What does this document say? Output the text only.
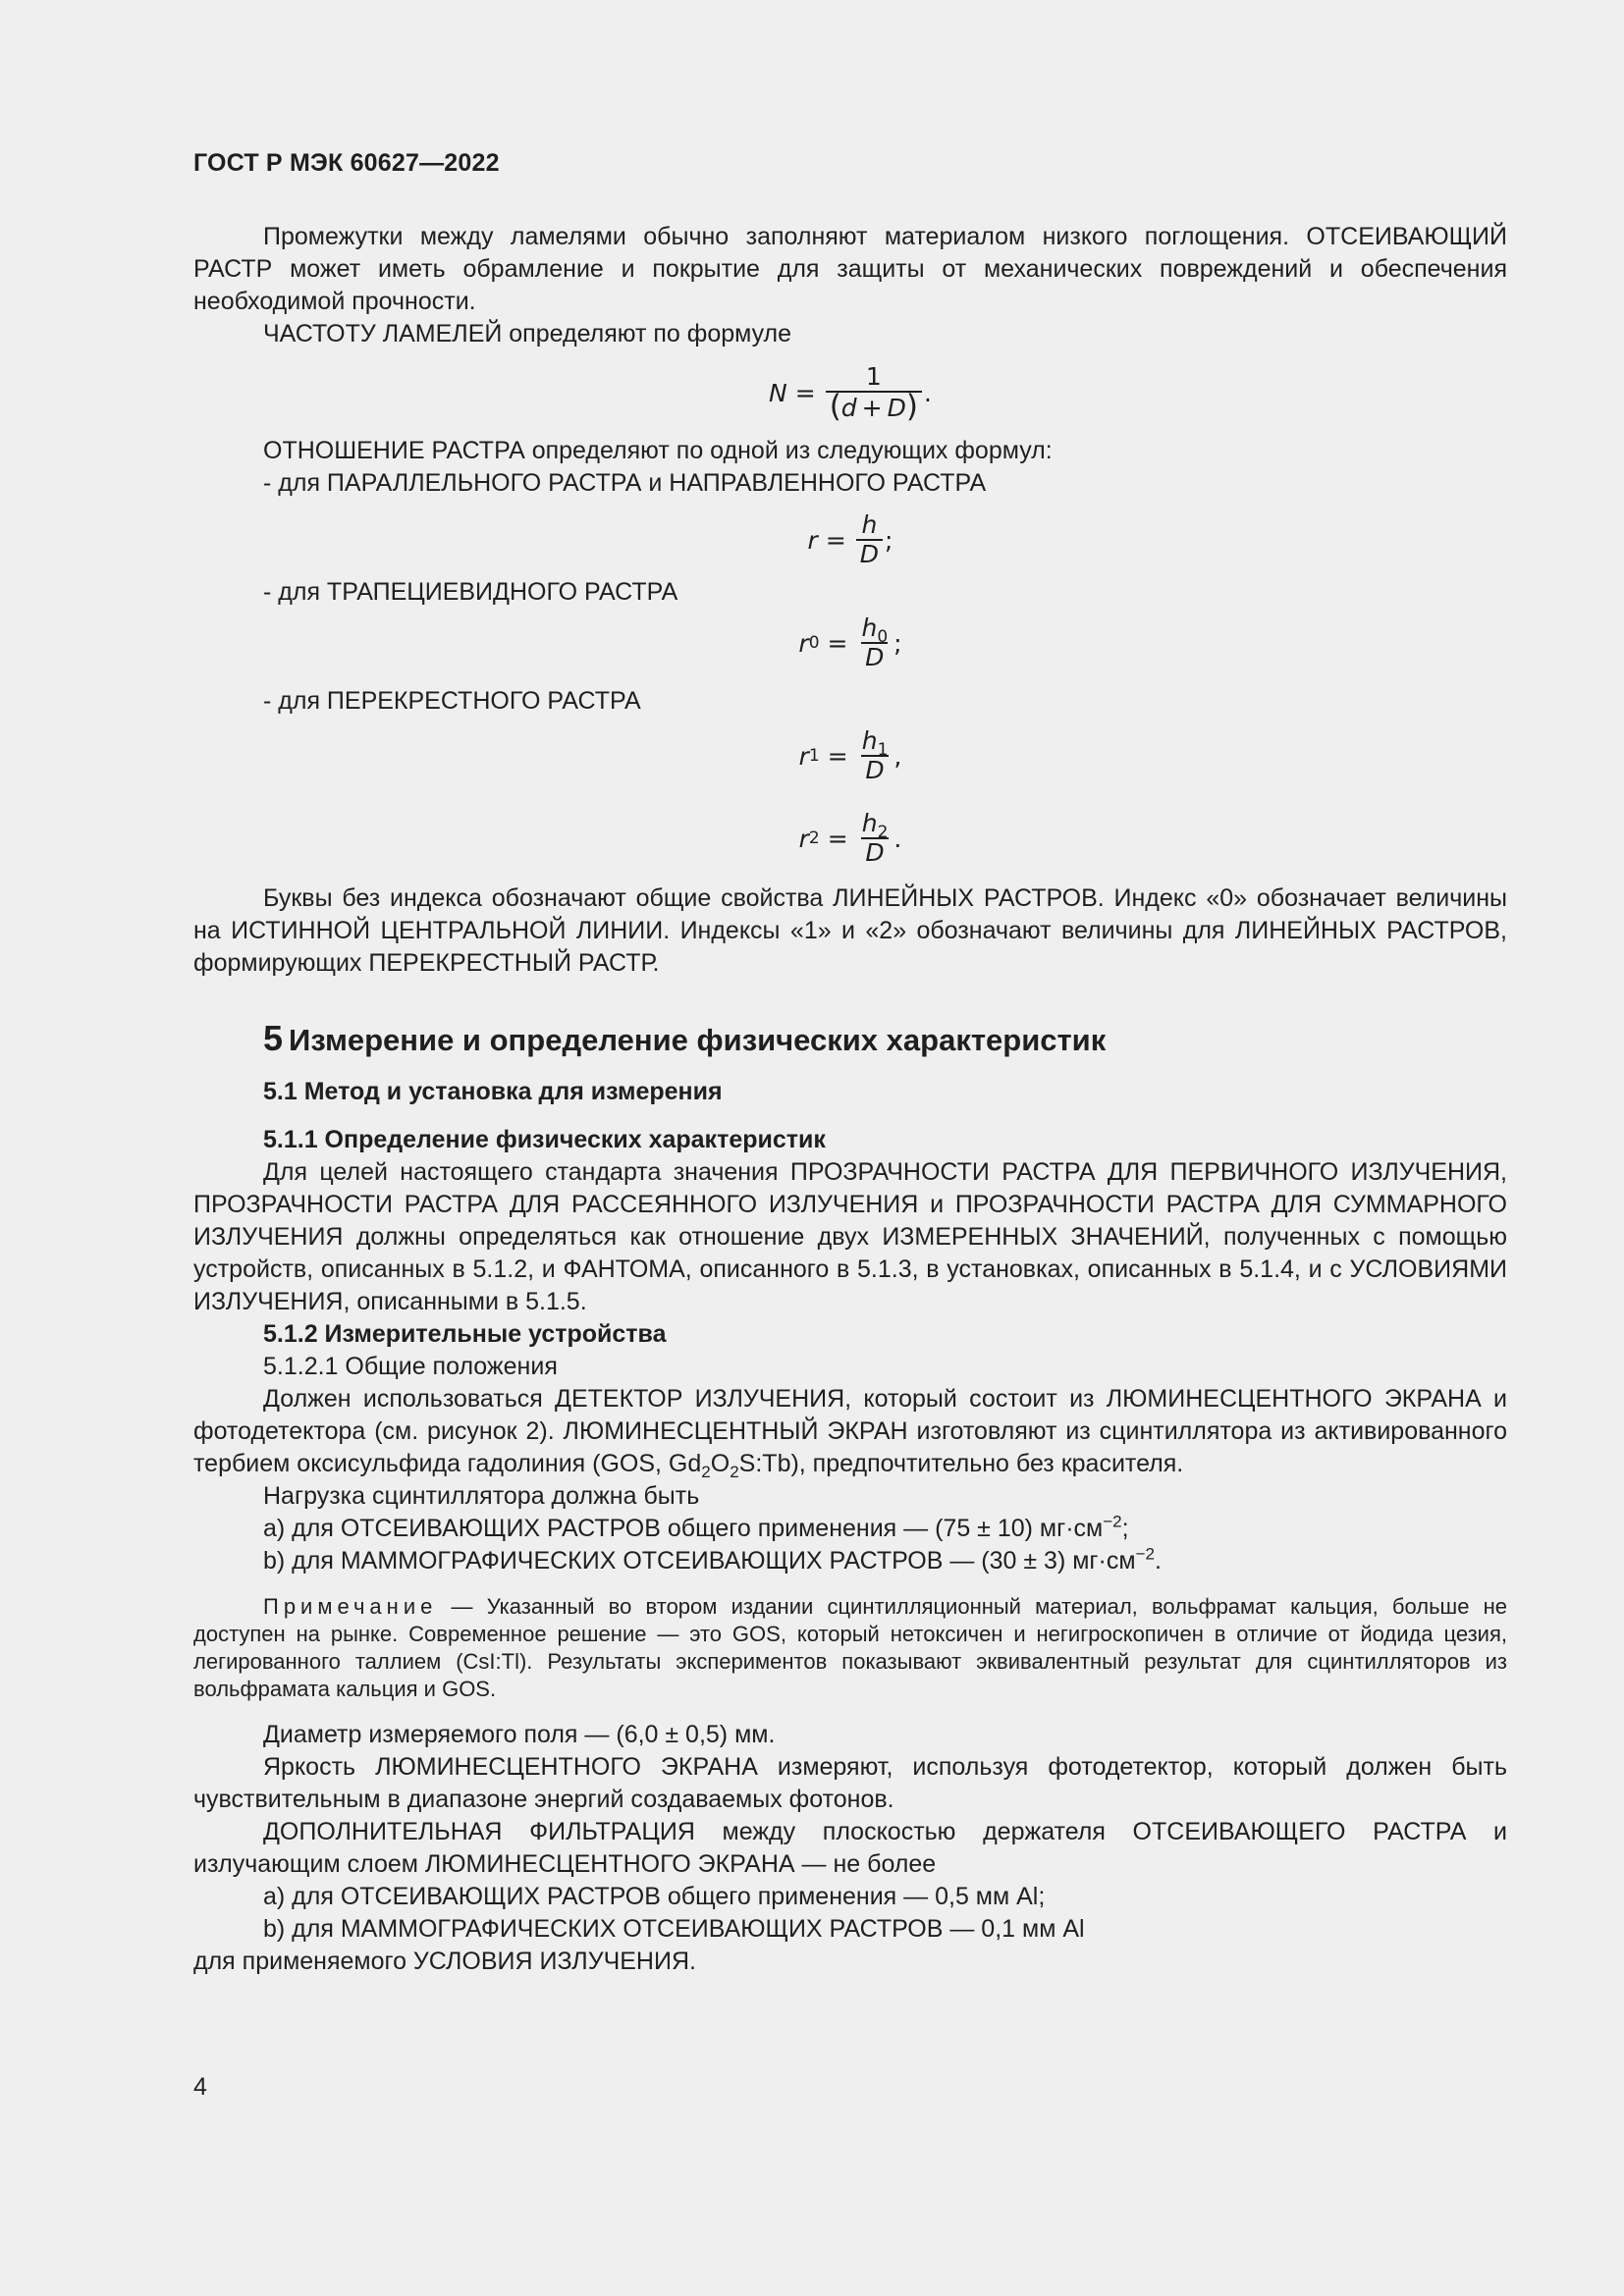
ГОСТ Р МЭК 60627—2022

Промежутки между ламелями обычно заполняют материалом низкого поглощения. ОТСЕИВАЮЩИЙ РАСТР может иметь обрамление и покрытие для защиты от механических повреждений и обеспечения необходимой прочности.

ЧАСТОТУ ЛАМЕЛЕЙ определяют по формуле

$N = \frac{1}{(d + D)}$ .

ОТНОШЕНИЕ РАСТРА определяют по одной из следующих формул:

- для ПАРАЛЛЕЛЬНОГО РАСТРА и НАПРАВЛЕННОГО РАСТРА

$r = \frac{h}{D}$ ;

- для ТРАПЕЦИЕВИДНОГО РАСТРА

r $0 = \frac{h_0}{D}$ ;

- для ПЕРЕКРЕСТНОГО РАСТРА

r $1 = \frac{h_1}{D}$ ,
r $2 = \frac{h_2}{D}$ .

Буквы без индекса обозначают общие свойства ЛИНЕЙНЫХ РАСТРОВ. Индекс «0» обозначает величины на ИСТИННОЙ ЦЕНТРАЛЬНОЙ ЛИНИИ. Индексы «1» и «2» обозначают величины для ЛИНЕЙНЫХ РАСТРОВ, формирующих ПЕРЕКРЕСТНЫЙ РАСТР.

5 Измерение и определение физических характеристик
5.1 Метод и установка для измерения
5.1.1 Определение физических характеристик

Для целей настоящего стандарта значения ПРОЗРАЧНОСТИ РАСТРА ДЛЯ ПЕРВИЧНОГО ИЗЛУЧЕНИЯ, ПРОЗРАЧНОСТИ РАСТРА ДЛЯ РАССЕЯННОГО ИЗЛУЧЕНИЯ и ПРОЗРАЧНОСТИ РАСТРА ДЛЯ СУММАРНОГО ИЗЛУЧЕНИЯ должны определяться как отношение двух ИЗМЕРЕННЫХ ЗНАЧЕНИЙ, полученных с помощью устройств, описанных в 5.1.2, и ФАНТОМА, описанного в 5.1.3, в установках, описанных в 5.1.4, и с УСЛОВИЯМИ ИЗЛУЧЕНИЯ, описанными в 5.1.5.

5.1.2 Измерительные устройства

5.1.2.1 Общие положения

Должен использоваться ДЕТЕКТОР ИЗЛУЧЕНИЯ, который состоит из ЛЮМИНЕСЦЕНТНОГО ЭКРАНА и фотодетектора (см. рисунок 2). ЛЮМИНЕСЦЕНТНЫЙ ЭКРАН изготовляют из сцинтиллятора из активированного тербием оксисульфида гадолиния (GOS, $Gd_2O_2S:Tb$), предпочтительно без красителя.

Нагрузка сцинтиллятора должна быть

a) для ОТСЕИВАЮЩИХ РАСТРОВ общего применения — (75 ± 10) $мг\cdot см^{-2}$;

b) для МАММОГРАФИЧЕСКИХ ОТСЕИВАЮЩИХ РАСТРОВ — (30 ± 3) $мг\cdot см^{-2}$.

Примечание — Указанный во втором издании сцинтилляционный материал, вольфрамат кальция, больше не доступен на рынке. Современное решение — это GOS, который нетоксичен и негигроскопичен в отличие от йодида цезия, легированного таллием (CsI:Tl). Результаты экспериментов показывают эквивалентный результат для сцинтилляторов из вольфрамата кальция и GOS.

Диаметр измеряемого поля — (6,0 ± 0,5) мм.

Яркость ЛЮМИНЕСЦЕНТНОГО ЭКРАНА измеряют, используя фотодетектор, который должен быть чувствительным в диапазоне энергий создаваемых фотонов.

ДОПОЛНИТЕЛЬНАЯ ФИЛЬТРАЦИЯ между плоскостью держателя ОТСЕИВАЮЩЕГО РАСТРА и излучающим слоем ЛЮМИНЕСЦЕНТНОГО ЭКРАНА — не более

a) для ОТСЕИВАЮЩИХ РАСТРОВ общего применения — 0,5 мм Al;

b) для МАММОГРАФИЧЕСКИХ ОТСЕИВАЮЩИХ РАСТРОВ — 0,1 мм Al

для применяемого УСЛОВИЯ ИЗЛУЧЕНИЯ.

4
